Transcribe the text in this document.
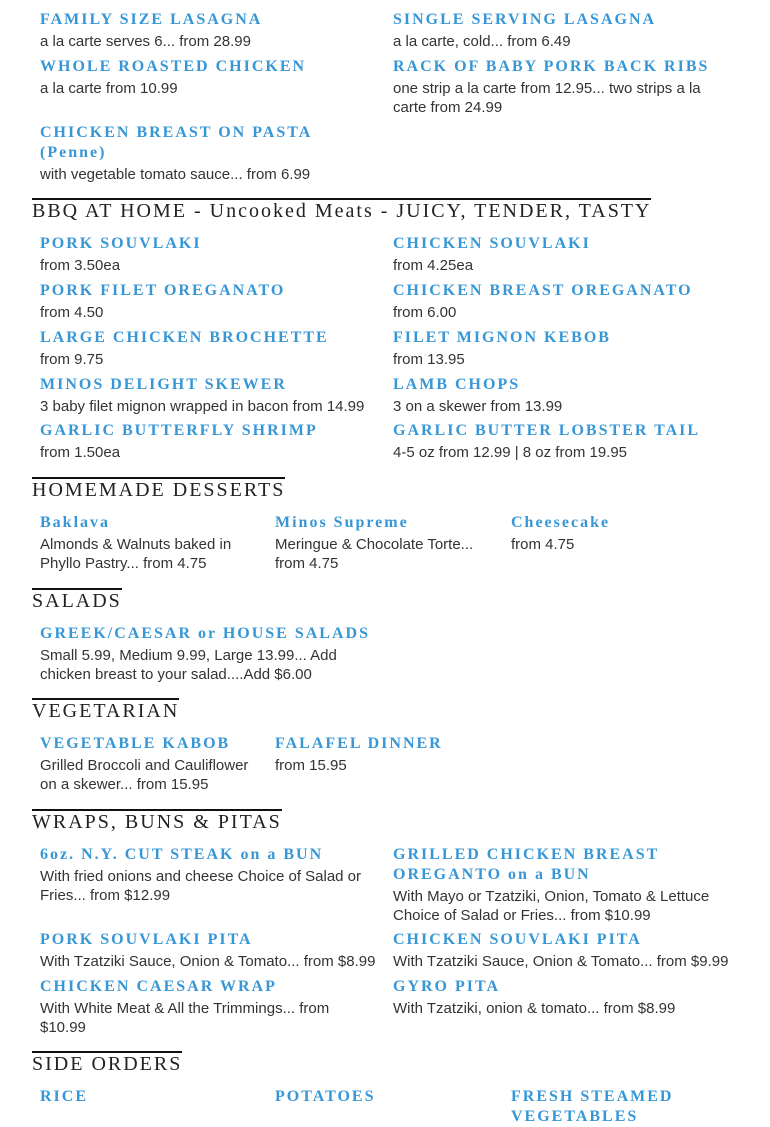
FAMILY SIZE LASAGNA
a la carte serves 6... from 28.99
SINGLE SERVING LASAGNA
a la carte, cold... from 6.49
WHOLE ROASTED CHICKEN
a la carte from 10.99
RACK OF BABY PORK BACK RIBS
one strip a la carte from 12.95... two strips a la carte from 24.99
CHICKEN BREAST ON PASTA (Penne)
with vegetable tomato sauce... from 6.99
BBQ AT HOME - Uncooked Meats - JUICY, TENDER, TASTY
PORK SOUVLAKI
from 3.50ea
CHICKEN SOUVLAKI
from 4.25ea
PORK FILET OREGANATO
from 4.50
CHICKEN BREAST OREGANATO
from 6.00
LARGE CHICKEN BROCHETTE
from 9.75
FILET MIGNON KEBOB
from 13.95
MINOS DELIGHT SKEWER
3 baby filet mignon wrapped in bacon from 14.99
LAMB CHOPS
3 on a skewer from 13.99
GARLIC BUTTERFLY SHRIMP
from 1.50ea
GARLIC BUTTER LOBSTER TAIL
4-5 oz from 12.99 | 8 oz from 19.95
HOMEMADE DESSERTS
Baklava
Almonds & Walnuts baked in Phyllo Pastry... from 4.75
Minos Supreme
Meringue & Chocolate Torte... from 4.75
Cheesecake
from 4.75
SALADS
GREEK/CAESAR or HOUSE SALADS
Small 5.99, Medium 9.99, Large 13.99... Add chicken breast to your salad....Add $6.00
VEGETARIAN
VEGETABLE KABOB
Grilled Broccoli and Cauliflower on a skewer... from 15.95
FALAFEL DINNER
from 15.95
WRAPS, BUNS & PITAS
6oz. N.Y. CUT STEAK on a BUN
With fried onions and cheese Choice of Salad or Fries... from $12.99
GRILLED CHICKEN BREAST OREGANTO on a BUN
With Mayo or Tzatziki, Onion, Tomato & Lettuce Choice of Salad or Fries... from $10.99
PORK SOUVLAKI PITA
With Tzatziki Sauce, Onion & Tomato... from $8.99
CHICKEN SOUVLAKI PITA
With Tzatziki Sauce, Onion & Tomato... from $9.99
CHICKEN CAESAR WRAP
With White Meat & All the Trimmings... from $10.99
GYRO PITA
With Tzatziki, onion & tomato... from $8.99
SIDE ORDERS
RICE	POTATOES	FRESH STEAMED VEGETABLES
